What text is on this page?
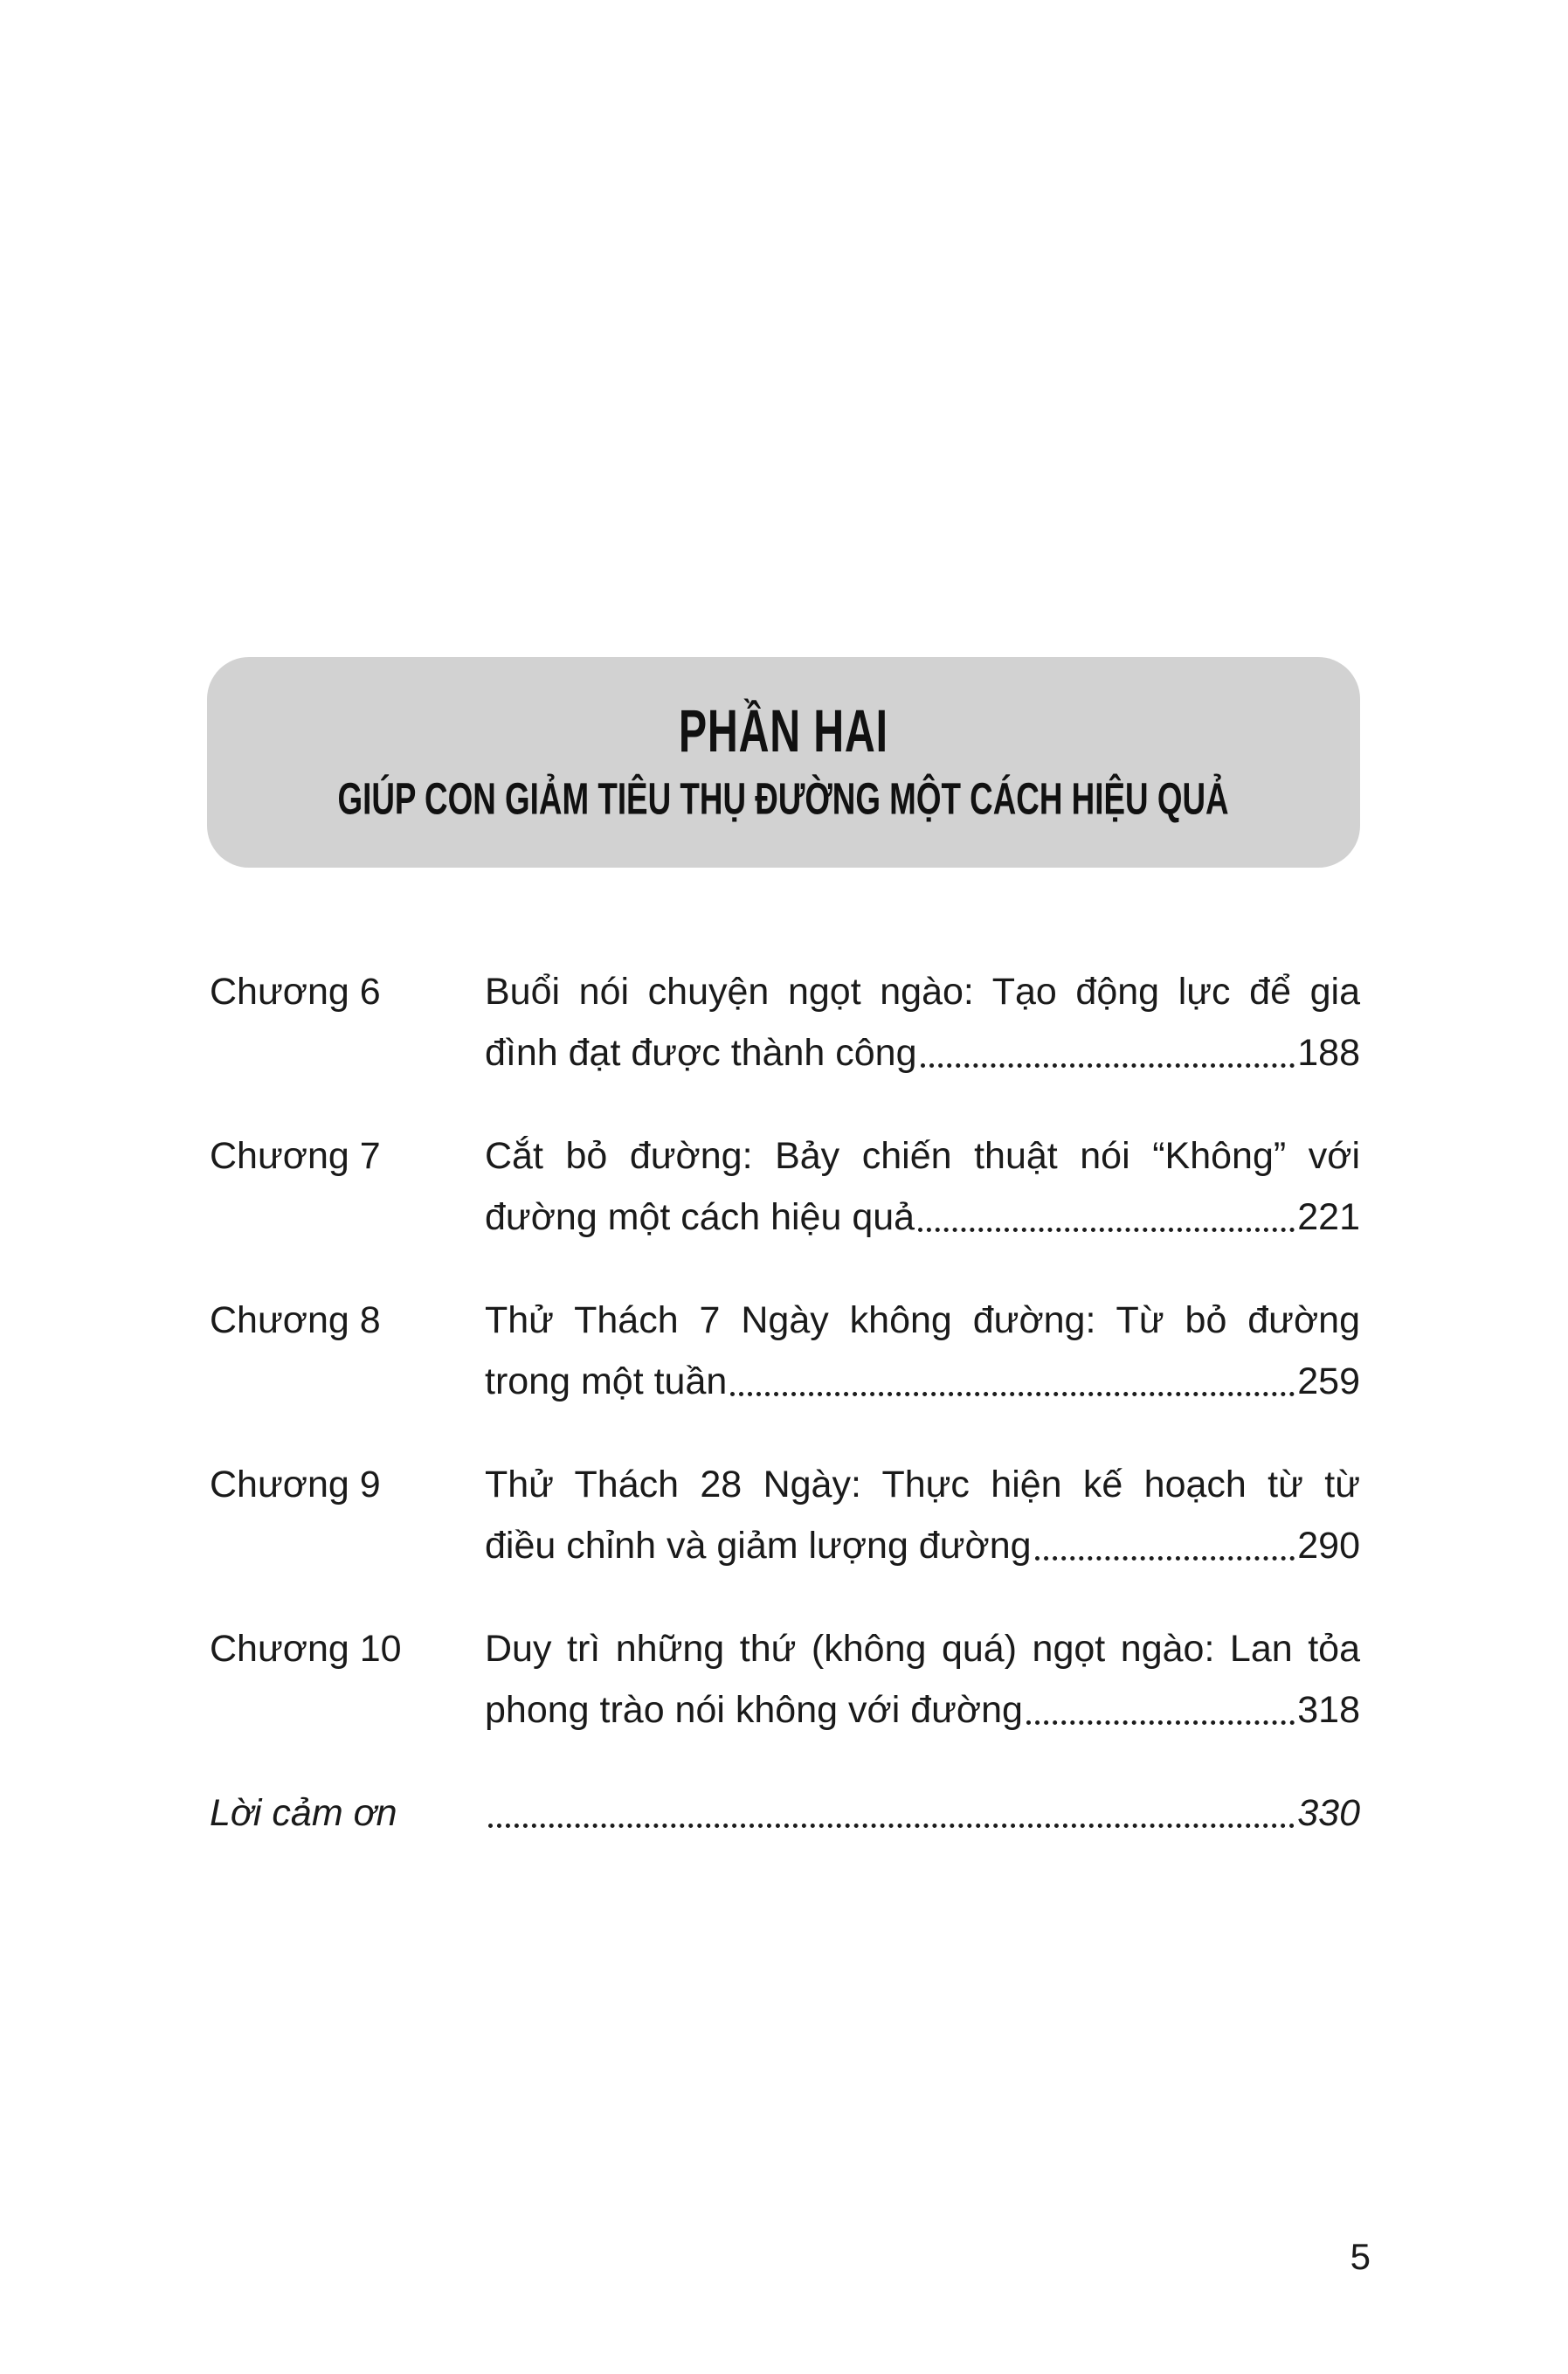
PHẦN HAI
GIÚP CON GIẢM TIÊU THỤ ĐƯỜNG MỘT CÁCH HIỆU QUẢ
Chương 6	Buổi nói chuyện ngọt ngào: Tạo động lực để gia
đình đạt được thành công	188
Chương 7	Cắt bỏ đường: Bảy chiến thuật nói “Không” với
đường một cách hiệu quả	221
Chương 8	Thử Thách 7 Ngày không đường: Từ bỏ đường
trong một tuần	259
Chương 9	Thử Thách 28 Ngày: Thực hiện kế hoạch từ từ
điều chỉnh và giảm lượng đường	290
Chương 10	Duy trì những thứ (không quá) ngọt ngào: Lan tỏa
phong trào nói không với đường	318
Lời cảm ơn	330
5
